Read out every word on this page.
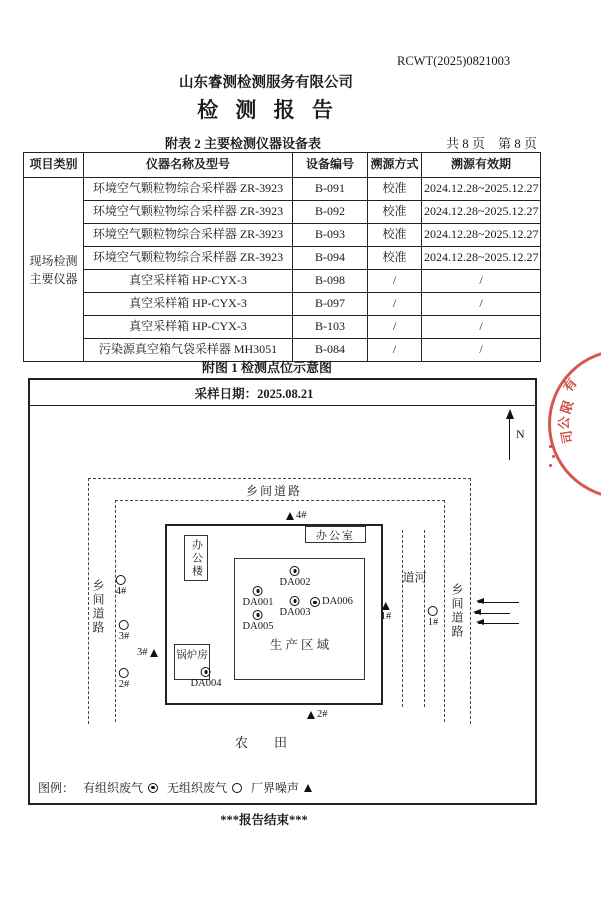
RCWT(2025)0821003
山东睿测检测服务有限公司
检 测 报 告
附表 2 主要检测仪器设备表	共 8 页　第 8 页
项目类别	仪器名称及型号	设备编号	溯源方式	溯源有效期

现场检测
主要仪器	环境空气颗粒物综合采样器 ZR-3923	B-091	校准	2024.12.28~2025.12.27
	环境空气颗粒物综合采样器 ZR-3923	B-092	校准	2024.12.28~2025.12.27
	环境空气颗粒物综合采样器 ZR-3923	B-093	校准	2024.12.28~2025.12.27
	环境空气颗粒物综合采样器 ZR-3923	B-094	校准	2024.12.28~2025.12.27
	真空采样箱 HP-CYX-3	B-098	/	/
	真空采样箱 HP-CYX-3	B-097	/	/
	真空采样箱 HP-CYX-3	B-103	/	/
	污染源真空箱气袋采样器 MH3051	B-084	/	/
附图 1 检测点位示意图
采样日期：2025.08.21
N
乡间道路
乡间道路	乡间道路
河道
办公楼
办公室
生 产 区 域
锅炉房
DA001
DA002
DA003
DA004
DA005
DA006
4#
1#
3#
2#
4#
3#
2#
1#
农田
图例： 有组织废气 无组织废气 厂界噪声
有
限
公
司
***报告结束***
